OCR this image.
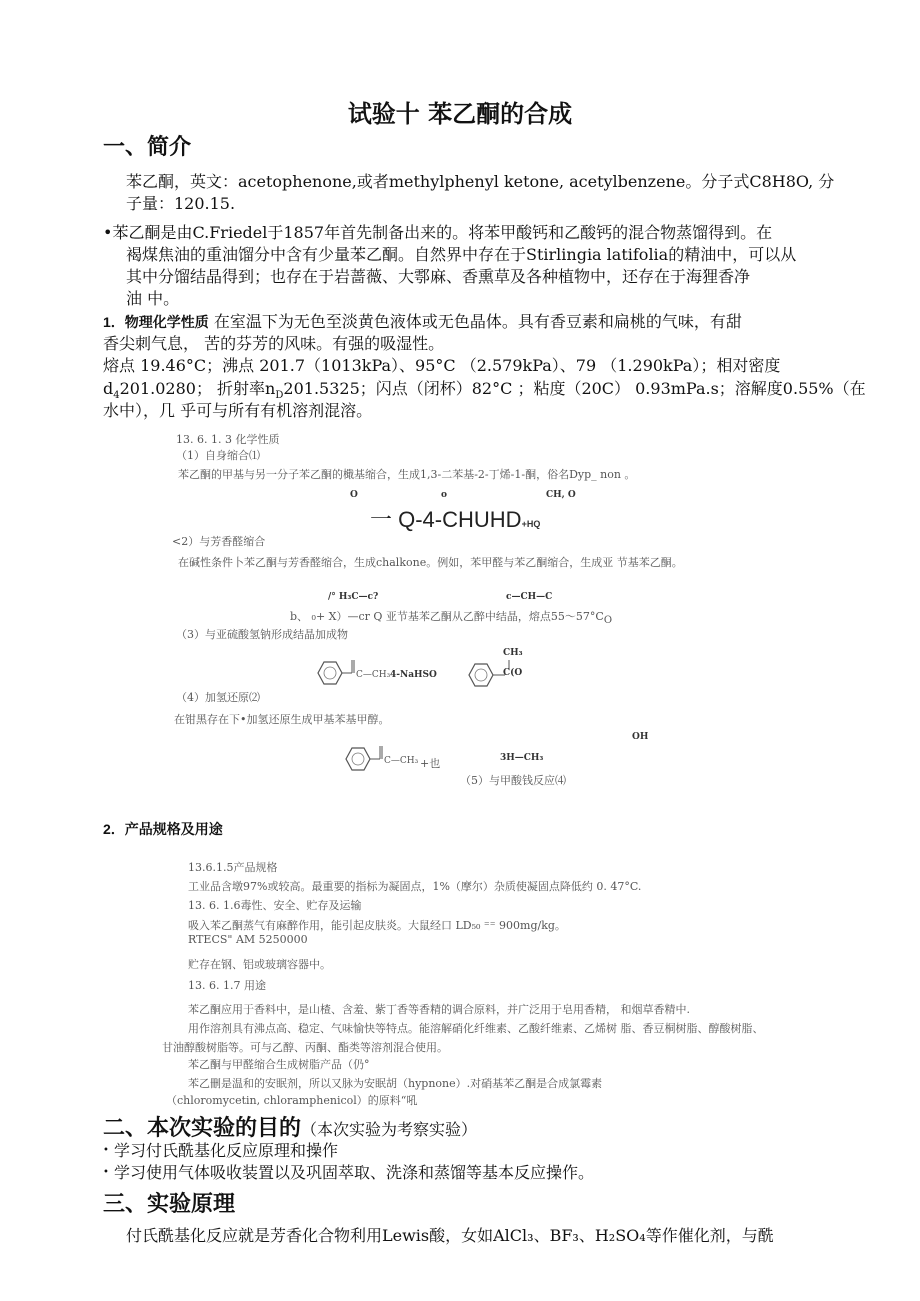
试验十 苯乙酮的合成
一、简介
苯乙酮，英文：acetophenone,或者methylphenyl ketone, acetylbenzene。分子式C8H8O, 分
子量：120.15.
•苯乙酮是由C.Friedel于1857年首先制备出来的。将苯甲酸钙和乙酸钙的混合物蒸馏得到。在
褐煤焦油的重油馏分中含有少量苯乙酮。自然界中存在于Stirlingia latifolia的精油中，可以从
其中分馏结晶得到；也存在于岩蔷薇、大鄠麻、香熏草及各种植物中，还存在于海狸香净
油 中。
1．物理化学性质 在室温下为无色至淡黄色液体或无色晶体。具有香豆素和扁桃的气味，有甜
香尖刺气息， 苦的芬芳的风味。有强的吸湿性。
熔点 19.46°C；沸点 201.7（1013kPa）、95°C （2.579kPa）、79 （1.290kPa）；相对密度
$d_4201.0280$； 折射率$n_D201.5325$；闪点（闭杯）82°C ；粘度（20C） 0.93mPa.s；溶解度0.55%（在
水中），几 乎可与所有有机溶剂混溶。
13. 6. 1. 3 化学性质
（1）自身缩合⑴
苯乙酮的甲基与另一分子苯乙酮的檝基缩合，生成1,3-二苯基-2-丁烯-1-酮，俗名Dyp_ non 。
O	o	CH, O
一 Q-4-CHUHD+HQ
<2）与芳香醛缩合
在碱性条件卜苯乙酮与芳香醛缩合，生成chalkone。例如，苯甲醛与苯乙酮缩合，生成亚 节基苯乙酮。
/° H₃C—c?	c—CH—C
b、 ₀+ X）—cr Q 亚节基苯乙酮从乙醉中结晶，熔点55〜$57^\circ C_O$
（3）与亚硫酸氢钠形成结晶加成物
C—CH₃ 4-NaHSO
CH₃
C(O
（4）加氢还原⑵
在钳黑存在下•加氢还原生成甲基苯基甲醇。
OH
C—CH₃ +也	3H—CH₃
（5）与甲酸钱反应⑷
2．产品规格及用途
13.6.1.5产品规格
工业品含墩97%或较高。最重要的指标为凝固点，1%（摩尔）杂质使凝固点降低约 0. 47°C.
13. 6. 1.6毒性、安全、贮存及运输
吸入苯乙酮蒸气有麻醉作用，能引起皮肤炎。大鼠经口 LD₅₀ ⁼⁼ 900mg/kg。
RTECS" AM 5250000
贮存在钢、铝或玻璃容器中。
13. 6. 1.7 用途
苯乙酮应用于香料中，是山楂、含羞、紫丁香等香精的调合原料，并广泛用于皂用香精， 和烟草香精中.
用作溶剂具有沸点高、稳定、气味愉快等特点。能溶解硝化纤维素、乙酸纤维素、乙烯树 脂、香豆桐树脂、醇酸树脂、
甘油醇酸树脂等。可与乙醇、丙酮、酯类等溶剂混合使用。
苯乙酮与甲醛缩合生成树脂产品（仍°
苯乙刪是温和的安眠剂，所以又脉为安眠胡（hypnone）.对硝基苯乙酮是合成氯霉素
（chloromycetin, chloramphenicol）的原料“吼
二、本次实验的目的（本次实验为考察实验）
• 学习付氏酰基化反应原理和操作
• 学习使用气体吸收装置以及巩固萃取、洗涤和蒸馏等基本反应操作。
三、实验原理
付氏酰基化反应就是芳香化合物利用Lewis酸，女如AlCl₃、BF₃、H₂SO₄等作催化剂，与酰
